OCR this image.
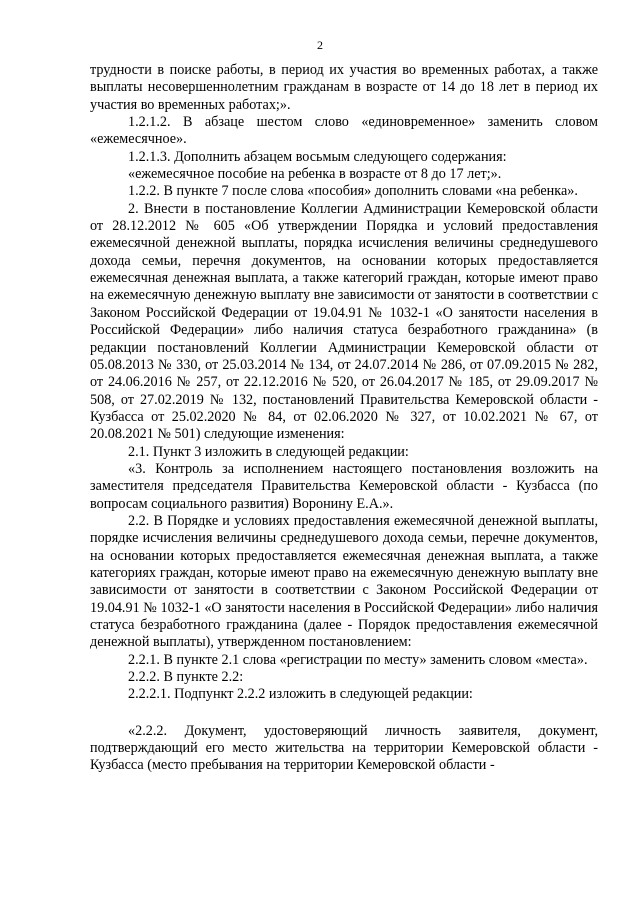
2

трудности в поиске работы, в период их участия во временных работах, а также выплаты несовершеннолетним гражданам в возрасте от 14 до 18 лет в период их участия во временных работах;».

1.2.1.2. В абзаце шестом слово «единовременное» заменить словом «ежемесячное».

1.2.1.3. Дополнить абзацем восьмым следующего содержания:

«ежемесячное пособие на ребенка в возрасте от 8 до 17 лет;».

1.2.2. В пункте 7 после слова «пособия» дополнить словами «на ребенка».

2. Внести в постановление Коллегии Администрации Кемеровской области от 28.12.2012 № 605 «Об утверждении Порядка и условий предоставления ежемесячной денежной выплаты, порядка исчисления величины среднедушевого дохода семьи, перечня документов, на основании которых предоставляется ежемесячная денежная выплата, а также категорий граждан, которые имеют право на ежемесячную денежную выплату вне зависимости от занятости в соответствии с Законом Российской Федерации от 19.04.91 № 1032-1 «О занятости населения в Российской Федерации» либо наличия статуса безработного гражданина» (в редакции постановлений Коллегии Администрации Кемеровской области от 05.08.2013 № 330, от 25.03.2014 № 134, от 24.07.2014 № 286, от 07.09.2015 № 282, от 24.06.2016 № 257, от 22.12.2016 № 520, от 26.04.2017 № 185, от 29.09.2017 № 508, от 27.02.2019 № 132, постановлений Правительства Кемеровской области - Кузбасса от 25.02.2020 № 84, от 02.06.2020 № 327, от 10.02.2021 № 67, от 20.08.2021 № 501) следующие изменения:

2.1. Пункт 3 изложить в следующей редакции:

«3. Контроль за исполнением настоящего постановления возложить на заместителя председателя Правительства Кемеровской области - Кузбасса (по вопросам социального развития) Воронину Е.А.».

2.2. В Порядке и условиях предоставления ежемесячной денежной выплаты, порядке исчисления величины среднедушевого дохода семьи, перечне документов, на основании которых предоставляется ежемесячная денежная выплата, а также категориях граждан, которые имеют право на ежемесячную денежную выплату вне зависимости от занятости в соответствии с Законом Российской Федерации от 19.04.91 № 1032-1 «О занятости населения в Российской Федерации» либо наличия статуса безработного гражданина (далее - Порядок предоставления ежемесячной денежной выплаты), утвержденном постановлением:

2.2.1. В пункте 2.1 слова «регистрации по месту» заменить словом «места».

2.2.2. В пункте 2.2:

2.2.2.1. Подпункт 2.2.2 изложить в следующей редакции:

«2.2.2. Документ, удостоверяющий личность заявителя, документ, подтверждающий его место жительства на территории Кемеровской области - Кузбасса (место пребывания на территории Кемеровской области -
